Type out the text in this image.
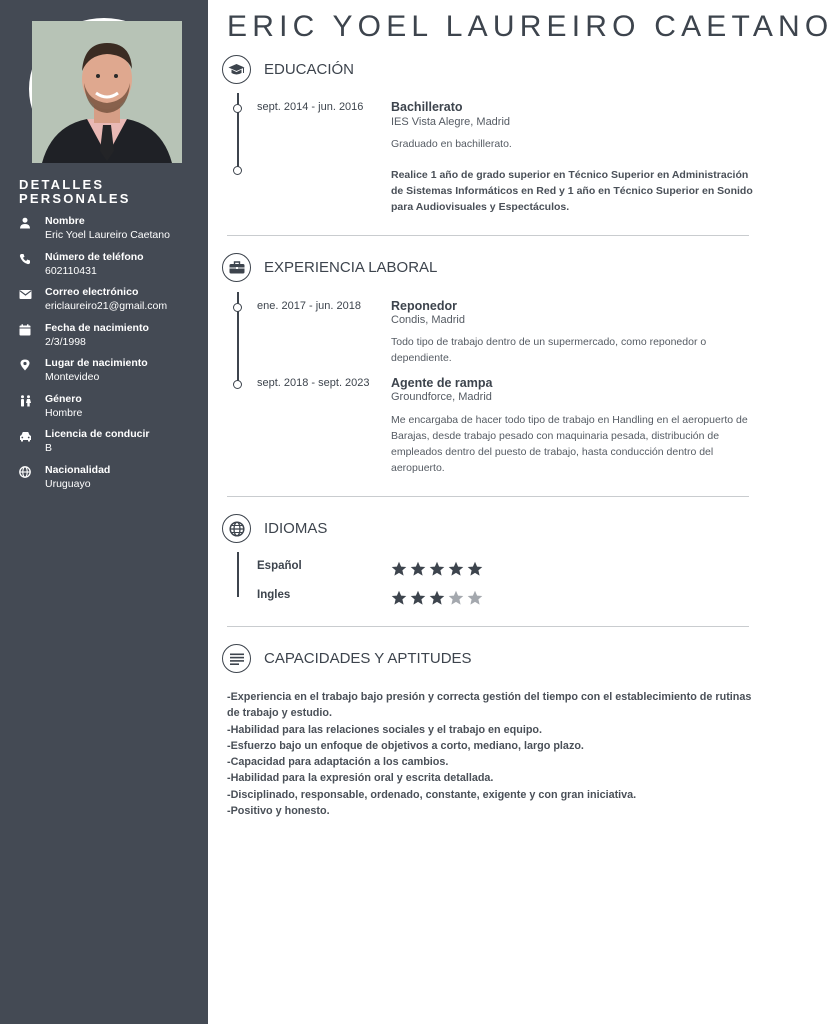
DETALLES PERSONALES
Nombre
Eric Yoel Laureiro Caetano
Número de teléfono
602110431
Correo electrónico
ericlaureiro21@gmail.com
Fecha de nacimiento
2/3/1998
Lugar de nacimiento
Montevideo
Género
Hombre
Licencia de conducir
B
Nacionalidad
Uruguayo
ERIC YOEL LAUREIRO CAETANO
EDUCACIÓN
sept. 2014 - jun. 2016 Bachillerato
IES Vista Alegre, Madrid
Graduado en bachillerato.
Realice 1 año de grado superior en Técnico Superior en Administración de Sistemas Informáticos en Red y 1 año en Técnico Superior en Sonido para Audiovisuales y Espectáculos.
EXPERIENCIA LABORAL
ene. 2017 - jun. 2018 Reponedor
Condis, Madrid
Todo tipo de trabajo dentro de un supermercado, como reponedor o dependiente.
sept. 2018 - sept. 2023 Agente de rampa
Groundforce, Madrid
Me encargaba de hacer todo tipo de trabajo en Handling en el aeropuerto de Barajas, desde trabajo pesado con maquinaria pesada, distribución de empleados dentro del puesto de trabajo, hasta conducción dentro del aeropuerto.
IDIOMAS
Español
Ingles
CAPACIDADES Y APTITUDES
-Experiencia en el trabajo bajo presión y correcta gestión del tiempo con el establecimiento de rutinas de trabajo y estudio.
-Habilidad para las relaciones sociales y el trabajo en equipo.
-Esfuerzo bajo un enfoque de objetivos a corto, mediano, largo plazo.
-Capacidad para adaptación a los cambios.
-Habilidad para la expresión oral y escrita detallada.
-Disciplinado, responsable, ordenado, constante, exigente y con gran iniciativa.
-Positivo y honesto.
